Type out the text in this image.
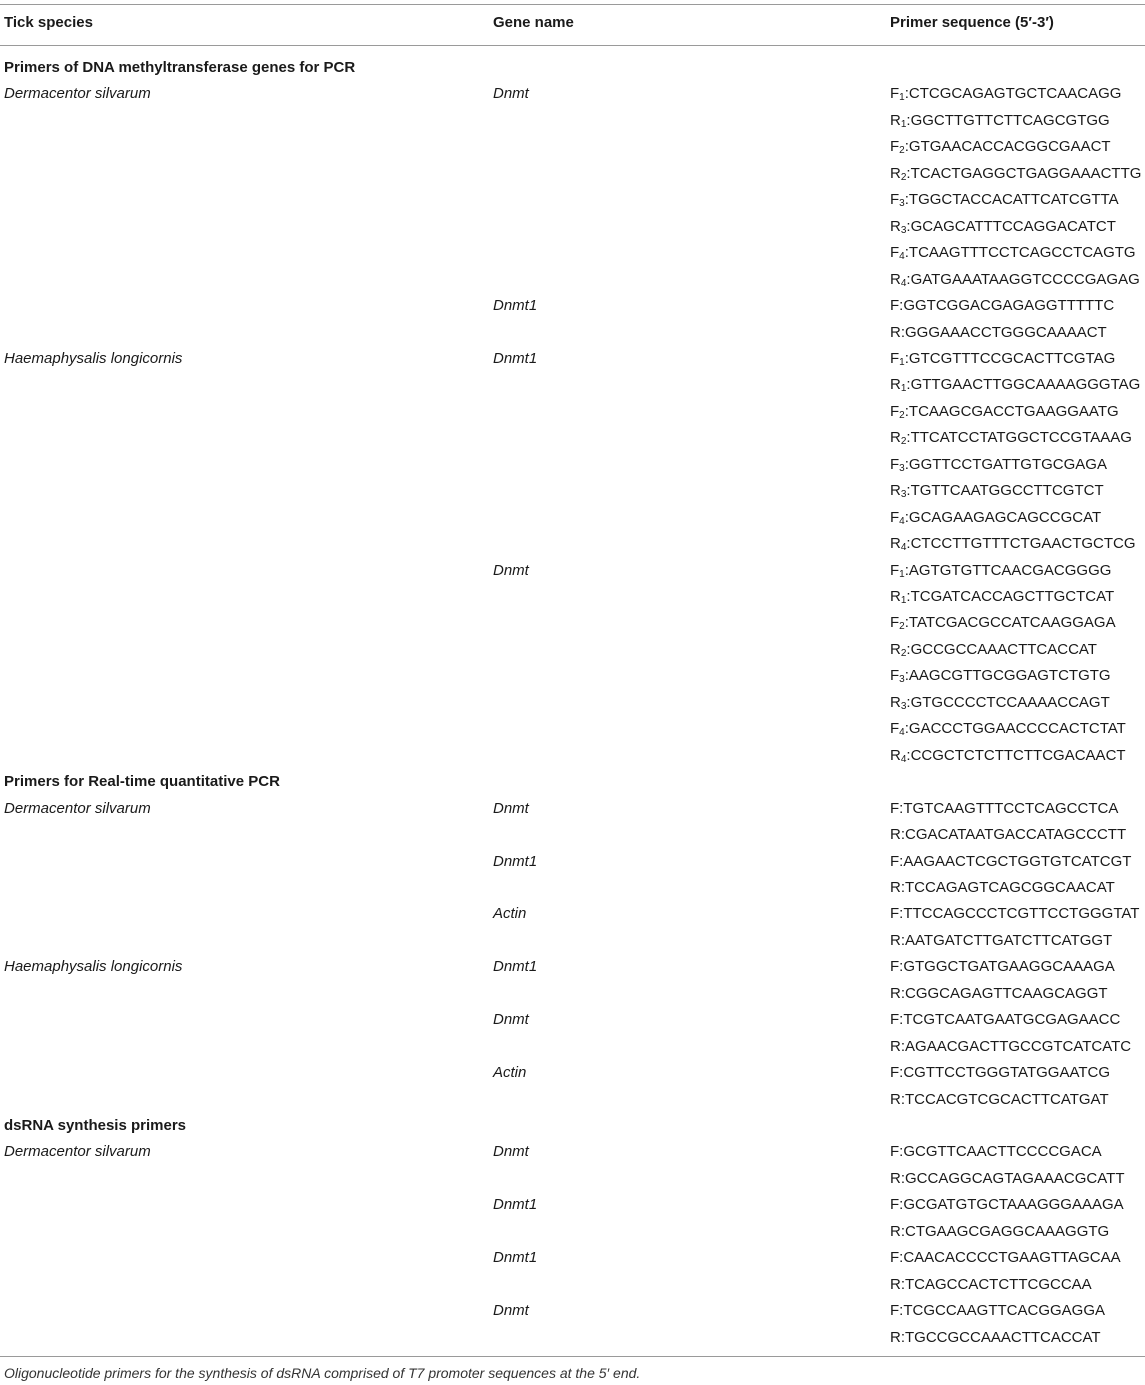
Tick species	Gene name	Primer sequence (5′-3′)
Primers of DNA methyltransferase genes for PCR
Dermacentor silvarum	Dnmt	$F_1:CTCGCAGAGTGCTCAACAGG$
$R_1:GGCTTGTTCTTCAGCGTGG$
$F_2:GTGAACACCACGGCGAACT$
$R_2:TCACTGAGGCTGAGGAAACTTG$
$F_3:TGGCTACCACATTCATCGTTA$
$R_3:GCAGCATTTCCAGGACATCT$
$F_4:TCAAGTTTCCTCAGCCTCAGTG$
$R_4:GATGAAATAAGGTCCCCGAGAG$
Dnmt1	F:GGTCGGACGAGAGGTTTTTC
R:GGGAAACCTGGGCAAAACT
Haemaphysalis longicornis	Dnmt1	$F_1:GTCGTTTCCGCACTTCGTAG$
$R_1:GTTGAACTTGGCAAAAGGGTAG$
$F_2:TCAAGCGACCTGAAGGAATG$
$R_2:TTCATCCTATGGCTCCGTAAAG$
$F_3:GGTTCCTGATTGTGCGAGA$
$R_3:TGTTCAATGGCCTTCGTCT$
$F_4:GCAGAAGAGCAGCCGCAT$
$R_4:CTCCTTGTTTCTGAACTGCTCG$
Dnmt	$F_1:AGTGTGTTCAACGACGGGG$
$R_1:TCGATCACCAGCTTGCTCAT$
$F_2:TATCGACGCCATCAAGGAGA$
$R_2:GCCGCCAAACTTCACCAT$
$F_3:AAGCGTTGCGGAGTCTGTG$
$R_3:GTGCCCCTCCAAAACCAGT$
$F_4:GACCCTGGAACCCCACTCTAT$
$R_4:CCGCTCTCTTCTTCGACAACT$
Primers for Real-time quantitative PCR
Dermacentor silvarum	Dnmt	F:TGTCAAGTTTCCTCAGCCTCA
R:CGACATAATGACCATAGCCCTT
Dnmt1	F:AAGAACTCGCTGGTGTCATCGT
R:TCCAGAGTCAGCGGCAACAT
Actin	F:TTCCAGCCCTCGTTCCTGGGTAT
R:AATGATCTTGATCTTCATGGT
Haemaphysalis longicornis	Dnmt1	F:GTGGCTGATGAAGGCAAAGA
R:CGGCAGAGTTCAAGCAGGT
Dnmt	F:TCGTCAATGAATGCGAGAACC
R:AGAACGACTTGCCGTCATCATC
Actin	F:CGTTCCTGGGTATGGAATCG
R:TCCACGTCGCACTTCATGAT
dsRNA synthesis primers
Dermacentor silvarum	Dnmt	F:GCGTTCAACTTCCCCGACA
R:GCCAGGCAGTAGAAACGCATT
Dnmt1	F:GCGATGTGCTAAAGGGAAAGA
R:CTGAAGCGAGGCAAAGGTG
Dnmt1	F:CAACACCCCTGAAGTTAGCAA
R:TCAGCCACTCTTCGCCAA
Dnmt	F:TCGCCAAGTTCACGGAGGA
R:TGCCGCCAAACTTCACCAT
Oligonucleotide primers for the synthesis of dsRNA comprised of T7 promoter sequences at the 5′ end.
